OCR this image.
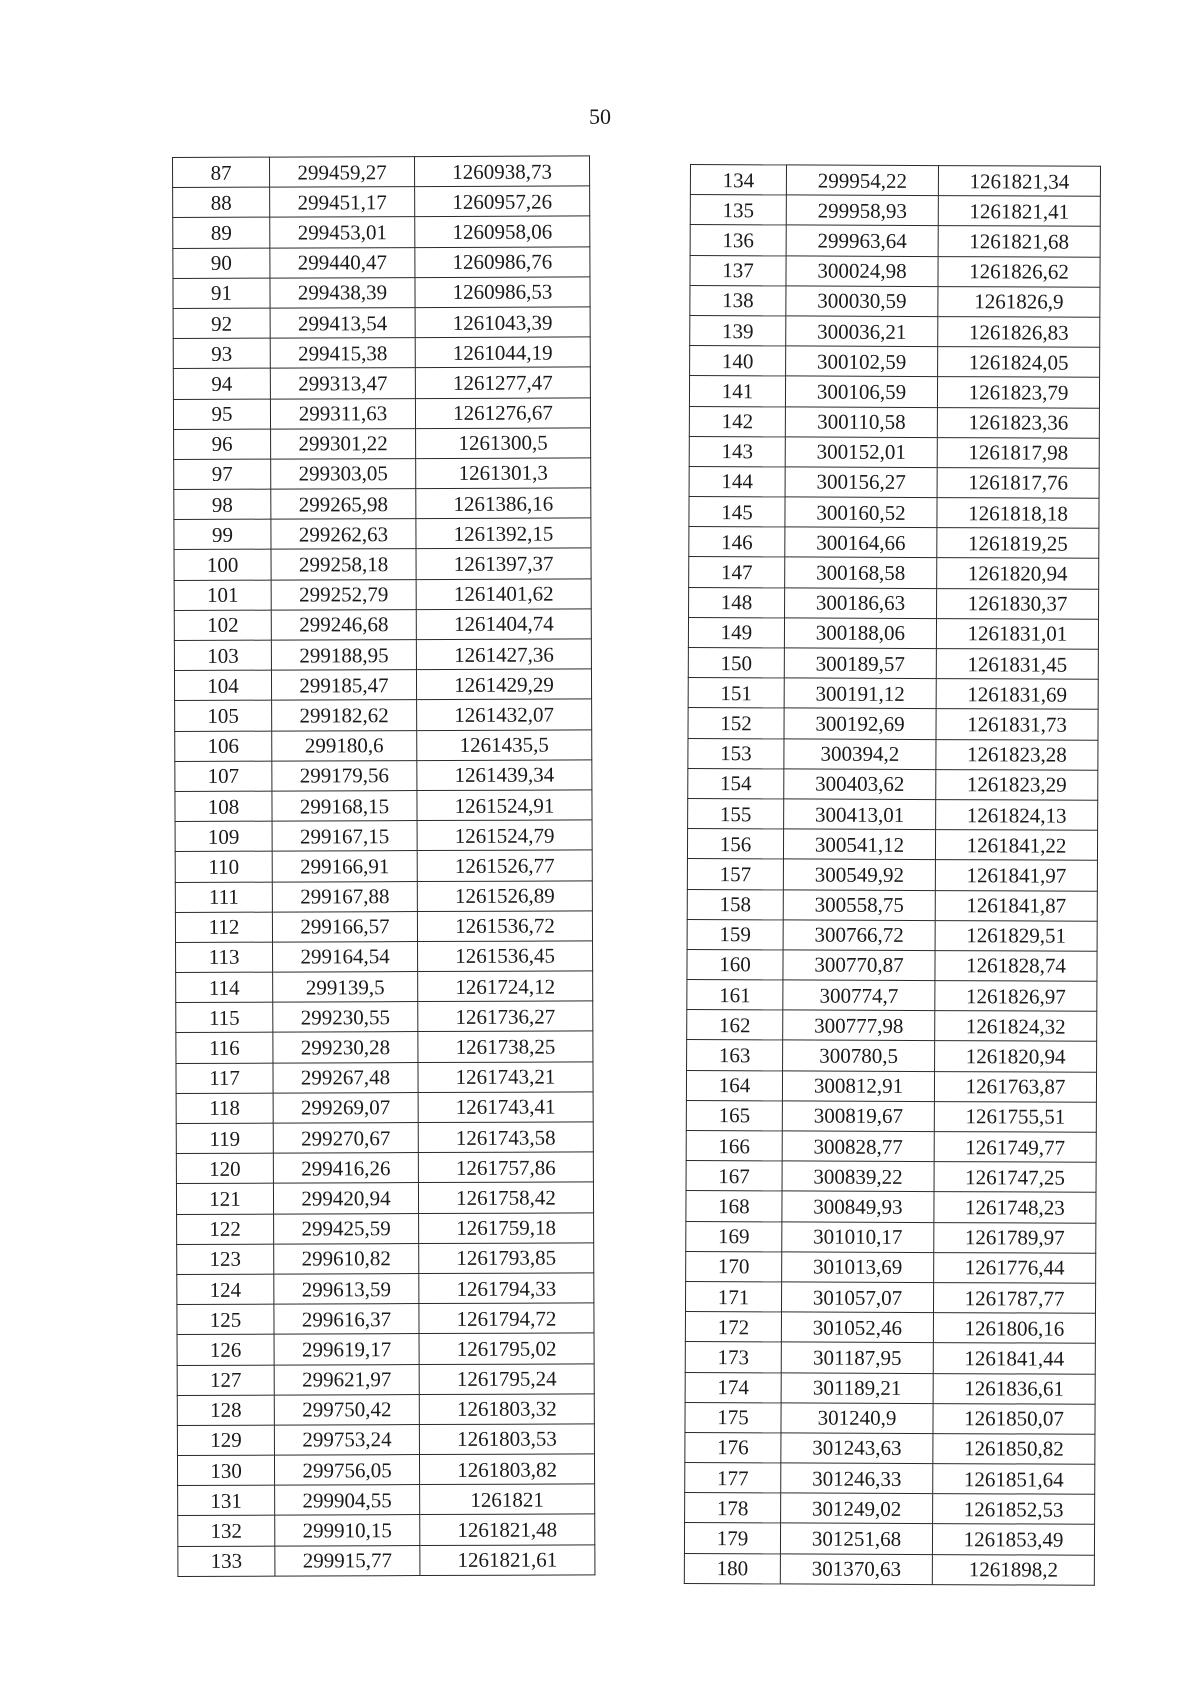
50
87	299459,27	1260938,73
88	299451,17	1260957,26
89	299453,01	1260958,06
90	299440,47	1260986,76
91	299438,39	1260986,53
92	299413,54	1261043,39
93	299415,38	1261044,19
94	299313,47	1261277,47
95	299311,63	1261276,67
96	299301,22	1261300,5
97	299303,05	1261301,3
98	299265,98	1261386,16
99	299262,63	1261392,15
100	299258,18	1261397,37
101	299252,79	1261401,62
102	299246,68	1261404,74
103	299188,95	1261427,36
104	299185,47	1261429,29
105	299182,62	1261432,07
106	299180,6	1261435,5
107	299179,56	1261439,34
108	299168,15	1261524,91
109	299167,15	1261524,79
110	299166,91	1261526,77
111	299167,88	1261526,89
112	299166,57	1261536,72
113	299164,54	1261536,45
114	299139,5	1261724,12
115	299230,55	1261736,27
116	299230,28	1261738,25
117	299267,48	1261743,21
118	299269,07	1261743,41
119	299270,67	1261743,58
120	299416,26	1261757,86
121	299420,94	1261758,42
122	299425,59	1261759,18
123	299610,82	1261793,85
124	299613,59	1261794,33
125	299616,37	1261794,72
126	299619,17	1261795,02
127	299621,97	1261795,24
128	299750,42	1261803,32
129	299753,24	1261803,53
130	299756,05	1261803,82
131	299904,55	1261821
132	299910,15	1261821,48
133	299915,77	1261821,61
134	299954,22	1261821,34
135	299958,93	1261821,41
136	299963,64	1261821,68
137	300024,98	1261826,62
138	300030,59	1261826,9
139	300036,21	1261826,83
140	300102,59	1261824,05
141	300106,59	1261823,79
142	300110,58	1261823,36
143	300152,01	1261817,98
144	300156,27	1261817,76
145	300160,52	1261818,18
146	300164,66	1261819,25
147	300168,58	1261820,94
148	300186,63	1261830,37
149	300188,06	1261831,01
150	300189,57	1261831,45
151	300191,12	1261831,69
152	300192,69	1261831,73
153	300394,2	1261823,28
154	300403,62	1261823,29
155	300413,01	1261824,13
156	300541,12	1261841,22
157	300549,92	1261841,97
158	300558,75	1261841,87
159	300766,72	1261829,51
160	300770,87	1261828,74
161	300774,7	1261826,97
162	300777,98	1261824,32
163	300780,5	1261820,94
164	300812,91	1261763,87
165	300819,67	1261755,51
166	300828,77	1261749,77
167	300839,22	1261747,25
168	300849,93	1261748,23
169	301010,17	1261789,97
170	301013,69	1261776,44
171	301057,07	1261787,77
172	301052,46	1261806,16
173	301187,95	1261841,44
174	301189,21	1261836,61
175	301240,9	1261850,07
176	301243,63	1261850,82
177	301246,33	1261851,64
178	301249,02	1261852,53
179	301251,68	1261853,49
180	301370,63	1261898,2
